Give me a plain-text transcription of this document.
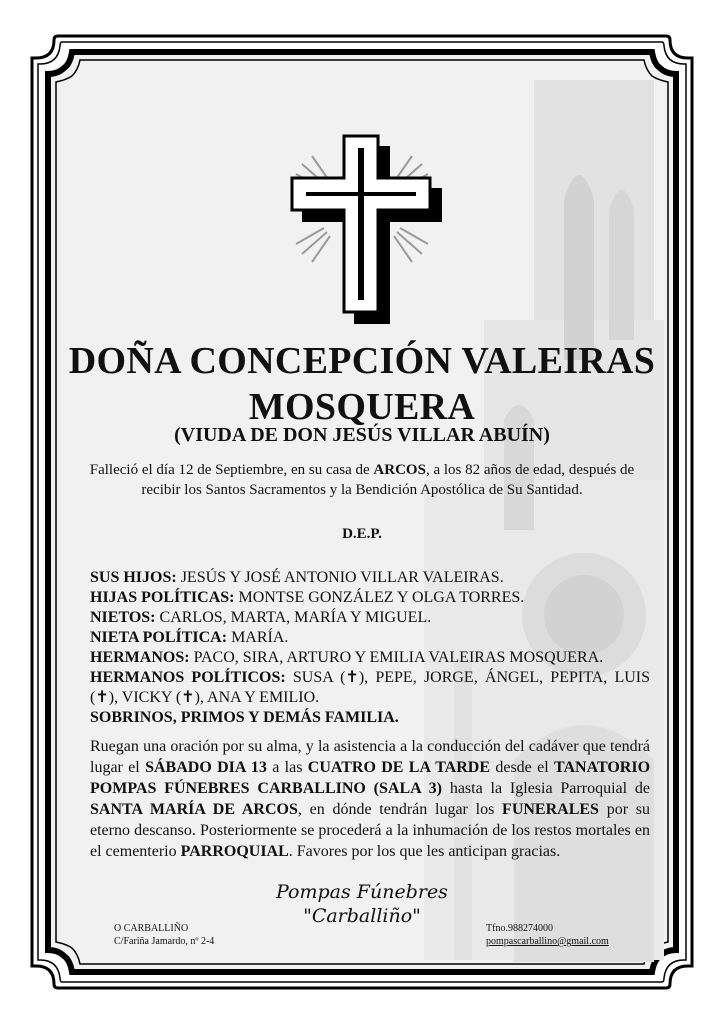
DOÑA CONCEPCIÓN VALEIRAS
MOSQUERA
(VIUDA DE DON JESÚS VILLAR ABUÍN)
Falleció el día 12 de Septiembre, en su casa de ARCOS, a los 82 años de edad, después de recibir los Santos Sacramentos y la Bendición Apostólica de Su Santidad.
D.E.P.
SUS HIJOS: JESÚS Y JOSÉ ANTONIO VILLAR VALEIRAS.
HIJAS POLÍTICAS: MONTSE GONZÁLEZ Y OLGA TORRES.
NIETOS: CARLOS, MARTA, MARÍA Y MIGUEL.
NIETA POLÍTICA: MARÍA.
HERMANOS: PACO, SIRA, ARTURO Y EMILIA VALEIRAS MOSQUERA.
HERMANOS POLÍTICOS: SUSA (✝), PEPE, JORGE, ÁNGEL, PEPITA, LUIS (✝), VICKY (✝), ANA Y EMILIO.
SOBRINOS, PRIMOS Y DEMÁS FAMILIA.
Ruegan una oración por su alma, y la asistencia a la conducción del cadáver que tendrá lugar el SÁBADO DIA 13 a las CUATRO DE LA TARDE desde el TANATORIO POMPAS FÚNEBRES CARBALLINO (SALA 3) hasta la Iglesia Parroquial de SANTA MARÍA DE ARCOS, en dónde tendrán lugar los FUNERALES por su eterno descanso. Posteriormente se procederá a la inhumación de los restos mortales en el cementerio PARROQUIAL. Favores por los que les anticipan gracias.
Pompas Fúnebres
"Carballiño"
O CARBALLIÑO
C/Fariña Jamardo, nº 2-4
Tfno.988274000
pompascarballino@gmail.com
